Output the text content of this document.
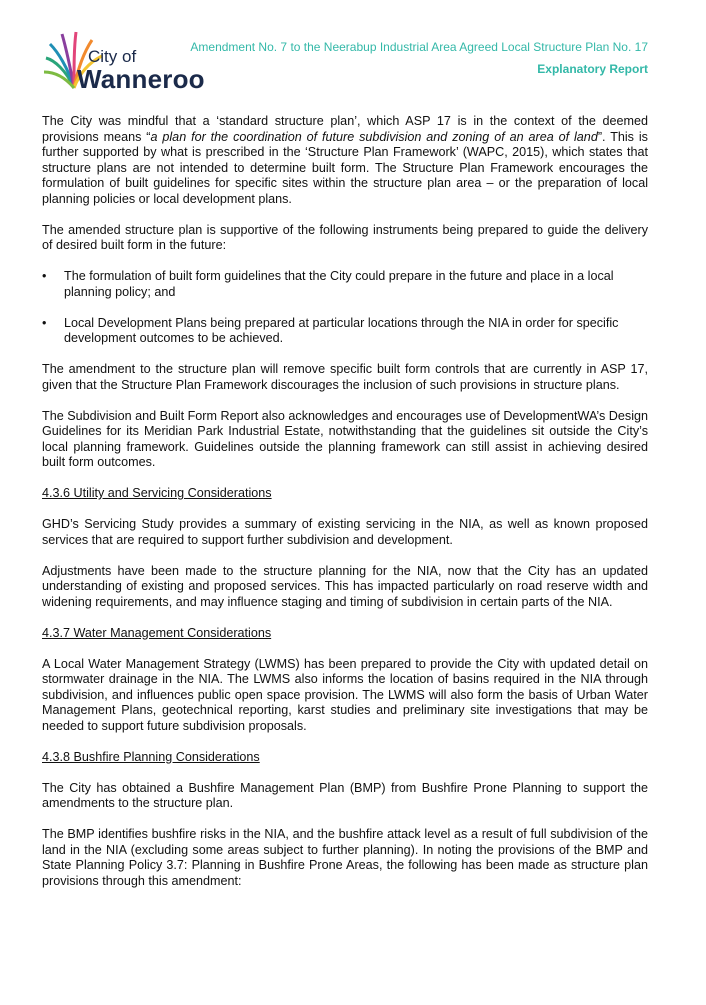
City of
Wanneroo
Amendment No. 7 to the Neerabup Industrial Area Agreed Local Structure Plan No. 17
Explanatory Report

The City was mindful that a ‘standard structure plan’, which ASP 17 is in the context of the deemed provisions means “a plan for the coordination of future subdivision and zoning of an area of land”. This is further supported by what is prescribed in the ‘Structure Plan Framework’ (WAPC, 2015), which states that structure plans are not intended to determine built form. The Structure Plan Framework encourages the formulation of built guidelines for specific sites within the structure plan area – or the preparation of local planning policies or local development plans.

The amended structure plan is supportive of the following instruments being prepared to guide the delivery of desired built form in the future:

• The formulation of built form guidelines that the City could prepare in the future and place in a local planning policy; and
• Local Development Plans being prepared at particular locations through the NIA in order for specific development outcomes to be achieved.

The amendment to the structure plan will remove specific built form controls that are currently in ASP 17, given that the Structure Plan Framework discourages the inclusion of such provisions in structure plans.

The Subdivision and Built Form Report also acknowledges and encourages use of DevelopmentWA’s Design Guidelines for its Meridian Park Industrial Estate, notwithstanding that the guidelines sit outside the City’s local planning framework. Guidelines outside the planning framework can still assist in achieving desired built form outcomes.

4.3.6 Utility and Servicing Considerations

GHD’s Servicing Study provides a summary of existing servicing in the NIA, as well as known proposed services that are required to support further subdivision and development.

Adjustments have been made to the structure planning for the NIA, now that the City has an updated understanding of existing and proposed services. This has impacted particularly on road reserve width and widening requirements, and may influence staging and timing of subdivision in certain parts of the NIA.

4.3.7 Water Management Considerations

A Local Water Management Strategy (LWMS) has been prepared to provide the City with updated detail on stormwater drainage in the NIA. The LWMS also informs the location of basins required in the NIA through subdivision, and influences public open space provision. The LWMS will also form the basis of Urban Water Management Plans, geotechnical reporting, karst studies and preliminary site investigations that may be needed to support future subdivision proposals.

4.3.8 Bushfire Planning Considerations

The City has obtained a Bushfire Management Plan (BMP) from Bushfire Prone Planning to support the amendments to the structure plan.

The BMP identifies bushfire risks in the NIA, and the bushfire attack level as a result of full subdivision of the land in the NIA (excluding some areas subject to further planning). In noting the provisions of the BMP and State Planning Policy 3.7: Planning in Bushfire Prone Areas, the following has been made as structure plan provisions through this amendment:
